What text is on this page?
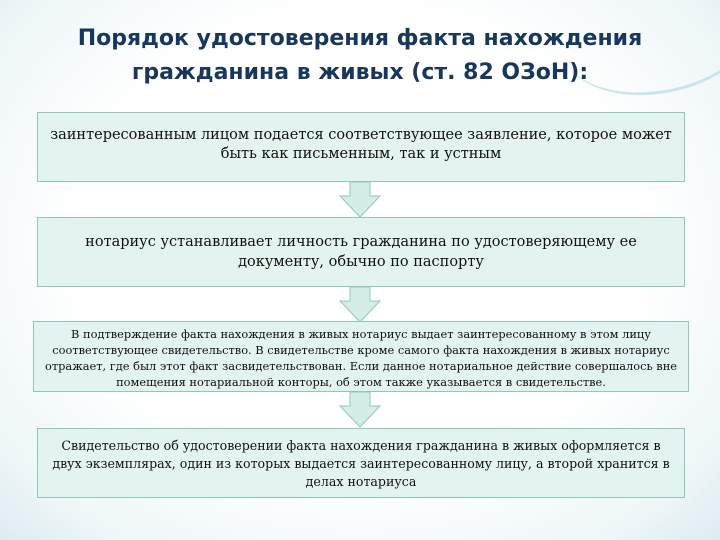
Порядок удостоверения факта нахождения
гражданина в живых (ст. 82 ОЗоН):
заинтересованным лицом подается соответствующее заявление, которое может быть как письменным, так и устным
нотариус устанавливает личность гражданина по удостоверяющему ее документу, обычно по паспорту
В подтверждение факта нахождения в живых нотариус выдает заинтересованному в этом лицу соответствующее свидетельство. В свидетельстве кроме самого факта нахождения в живых нотариус отражает, где был этот факт засвидетельствован. Если данное нотариальное действие совершалось вне помещения нотариальной конторы, об этом также указывается в свидетельстве.
Свидетельство об удостоверении факта нахождения гражданина в живых оформляется в двух экземплярах, один из которых выдается заинтересованному лицу, а второй хранится в делах нотариуса
